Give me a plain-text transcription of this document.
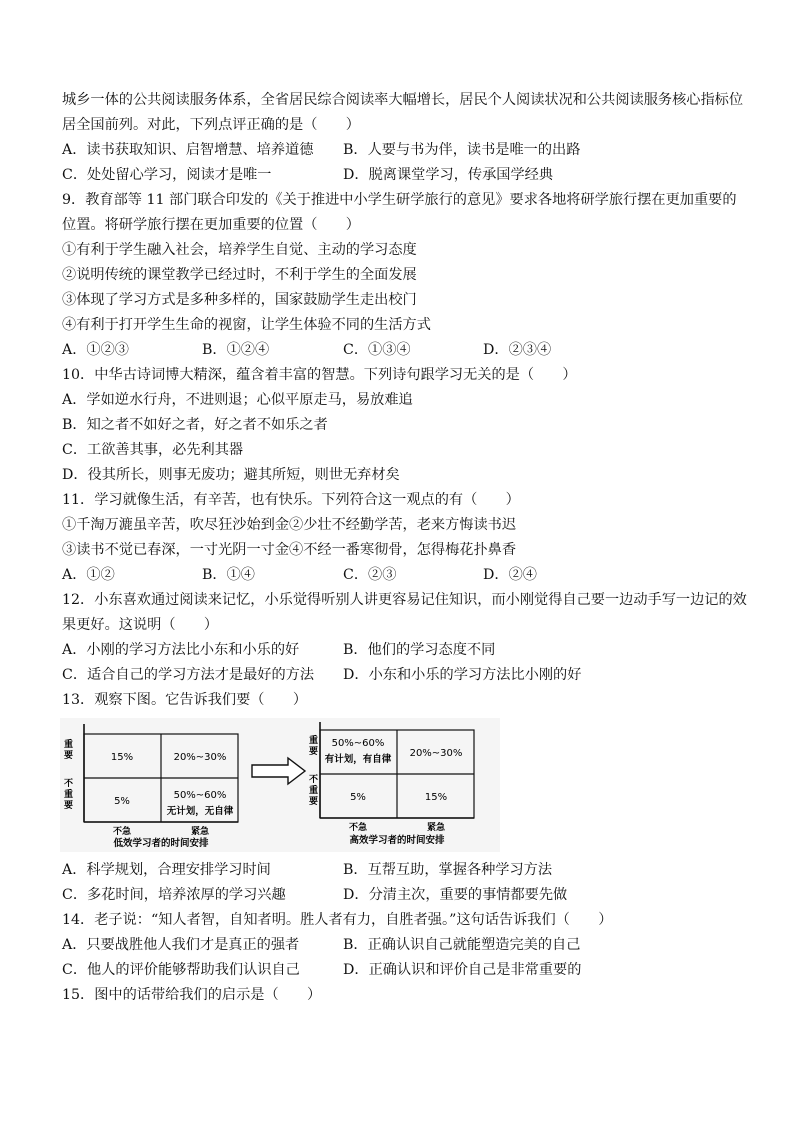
城乡一体的公共阅读服务体系，全省居民综合阅读率大幅增长，居民个人阅读状况和公共阅读服务核心指标位
居全国前列。对此，下列点评正确的是（　　）
A．读书获取知识、启智增慧、培养道德 B．人要与书为伴，读书是唯一的出路
C．处处留心学习，阅读才是唯一	D．脱离课堂学习，传承国学经典
9．教育部等 11 部门联合印发的《关于推进中小学生研学旅行的意见》要求各地将研学旅行摆在更加重要的
位置。将研学旅行摆在更加重要的位置（　　）
①有利于学生融入社会，培养学生自觉、主动的学习态度
②说明传统的课堂教学已经过时，不利于学生的全面发展
③体现了学习方式是多种多样的，国家鼓励学生走出校门
④有利于打开学生生命的视窗，让学生体验不同的生活方式
A．①②③	B．①②④	C．①③④	D．②③④
10．中华古诗词博大精深，蕴含着丰富的智慧。下列诗句跟学习无关的是（　　）
A．学如逆水行舟，不进则退；心似平原走马，易放难追
B．知之者不如好之者，好之者不如乐之者
C．工欲善其事，必先利其器
D．役其所长，则事无废功；避其所短，则世无弃材矣
11．学习就像生活，有辛苦，也有快乐。下列符合这一观点的有（　　）
①千淘万漉虽辛苦，吹尽狂沙始到金②少壮不经勤学苦，老来方悔读书迟
③读书不觉已春深，一寸光阴一寸金④不经一番寒彻骨，怎得梅花扑鼻香
A．①②	B．①④	C．②③	D．②④
12．小东喜欢通过阅读来记忆，小乐觉得听别人讲更容易记住知识，而小刚觉得自己要一边动手写一边记的效
果更好。这说明（　　）
A．小刚的学习方法比小东和小乐的好	B．他们的学习态度不同
C．适合自己的学习方法才是最好的方法 D．小东和小乐的学习方法比小刚的好
13．观察下图。它告诉我们要（　　）
重
要
不
重
要
15%	20%~30%
5%
50%~60%
无计划，无自律
不急	紧急
低效学习者的时间安排
重
要
不
重
要
50%~60%
有计划，有自律
20%~30%
5%	15%
不急	紧急
高效学习者的时间安排
A．科学规划，合理安排学习时间	B．互帮互助，掌握各种学习方法
C．多花时间，培养浓厚的学习兴趣	D．分清主次，重要的事情都要先做
14．老子说：“知人者智，自知者明。胜人者有力，自胜者强。”这句话告诉我们（　　）
A．只要战胜他人我们才是真正的强者	B．正确认识自己就能塑造完美的自己
C．他人的评价能够帮助我们认识自己	D．正确认识和评价自己是非常重要的
15．图中的话带给我们的启示是（　　）
